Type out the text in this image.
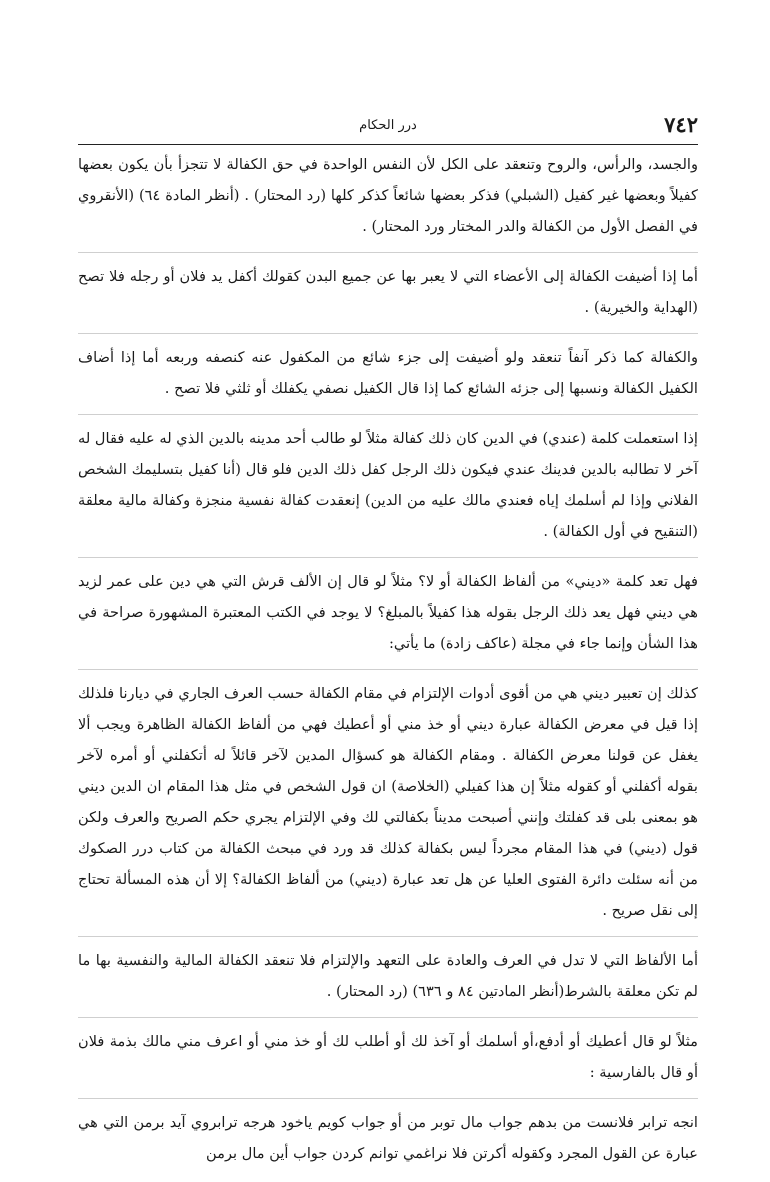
٧٤٢
درر الحكام

والجسد، والرأس، والروح وتنعقد على الكل لأن النفس الواحدة في حق الكفالة لا تتجزأ بأن يكون بعضها كفيلاً وبعضها غير كفيل (الشبلي) فذكر بعضها شائعاً كذكر كلها (رد المحتار) . (أنظر المادة ٦٤) (الأنقروي في الفصل الأول من الكفالة والدر المختار ورد المحتار) .

أما إذا أضيفت الكفالة إلى الأعضاء التي لا يعبر بها عن جميع البدن كقولك أكفل يد فلان أو رجله فلا تصح (الهداية والخيرية) .

والكفالة كما ذكر آنفاً تنعقد ولو أضيفت إلى جزء شائع من المكفول عنه كنصفه وربعه أما إذا أضاف الكفيل الكفالة ونسبها إلى جزئه الشائع كما إذا قال الكفيل نصفي يكفلك أو ثلثي فلا تصح .

إذا استعملت كلمة (عندي) في الدين كان ذلك كفالة مثلاً لو طالب أحد مدينه بالدين الذي له عليه فقال له آخر لا تطالبه بالدين فدينك عندي فيكون ذلك الرجل كفل ذلك الدين فلو قال (أنا كفيل بتسليمك الشخص الفلاني وإذا لم أسلمك إياه فعندي مالك عليه من الدين) إنعقدت كفالة نفسية منجزة وكفالة مالية معلقة (التنقيح في أول الكفالة) .

فهل تعد كلمة «ديني» من ألفاظ الكفالة أو لا؟ مثلاً لو قال إن الألف قرش التي هي دين على عمر لزيد هي ديني فهل يعد ذلك الرجل بقوله هذا كفيلاً بالمبلغ؟ لا يوجد في الكتب المعتبرة المشهورة صراحة في هذا الشأن وإنما جاء في مجلة (عاكف زادة) ما يأتي:

كذلك إن تعبير ديني هي من أقوى أدوات الإلتزام في مقام الكفالة حسب العرف الجاري في ديارنا فلذلك إذا قيل في معرض الكفالة عبارة ديني أو خذ مني أو أعطيك فهي من ألفاظ الكفالة الظاهرة ويجب ألا يغفل عن قولنا معرض الكفالة . ومقام الكفالة هو كسؤال المدين لآخر قائلاً له أتكفلني أو أمره لآخر بقوله أكفلني أو كقوله مثلاً إن هذا كفيلي (الخلاصة) ان قول الشخص في مثل هذا المقام ان الدين ديني هو بمعنى بلى قد كفلتك وإنني أصبحت مديناً بكفالتي لك وفي الإلتزام يجري حكم الصريح والعرف ولكن قول (ديني) في هذا المقام مجرداً ليس بكفالة كذلك قد ورد في مبحث الكفالة من كتاب درر الصكوك من أنه سئلت دائرة الفتوى العليا عن هل تعد عبارة (ديني) من ألفاظ الكفالة؟ إلا أن هذه المسألة تحتاج إلى نقل صريح .

أما الألفاظ التي لا تدل في العرف والعادة على التعهد والإلتزام فلا تنعقد الكفالة المالية والنفسية بها ما لم تكن معلقة بالشرط(أنظر المادتين ٨٤ و ٦٣٦) (رد المحتار) .

مثلاً لو قال أعطيك أو أدفع،أو أسلمك أو آخذ لك أو أطلب لك أو خذ مني أو اعرف مني مالك بذمة فلان أو قال بالفارسية :

انجه ترابر فلانست من بدهم جواب مال توبر من أو جواب كويم ياخود هرجه ترابروي آيد برمن التي هي عبارة عن القول المجرد وكقوله أكرتن فلا نراغمي توانم كردن جواب أين مال برمن
